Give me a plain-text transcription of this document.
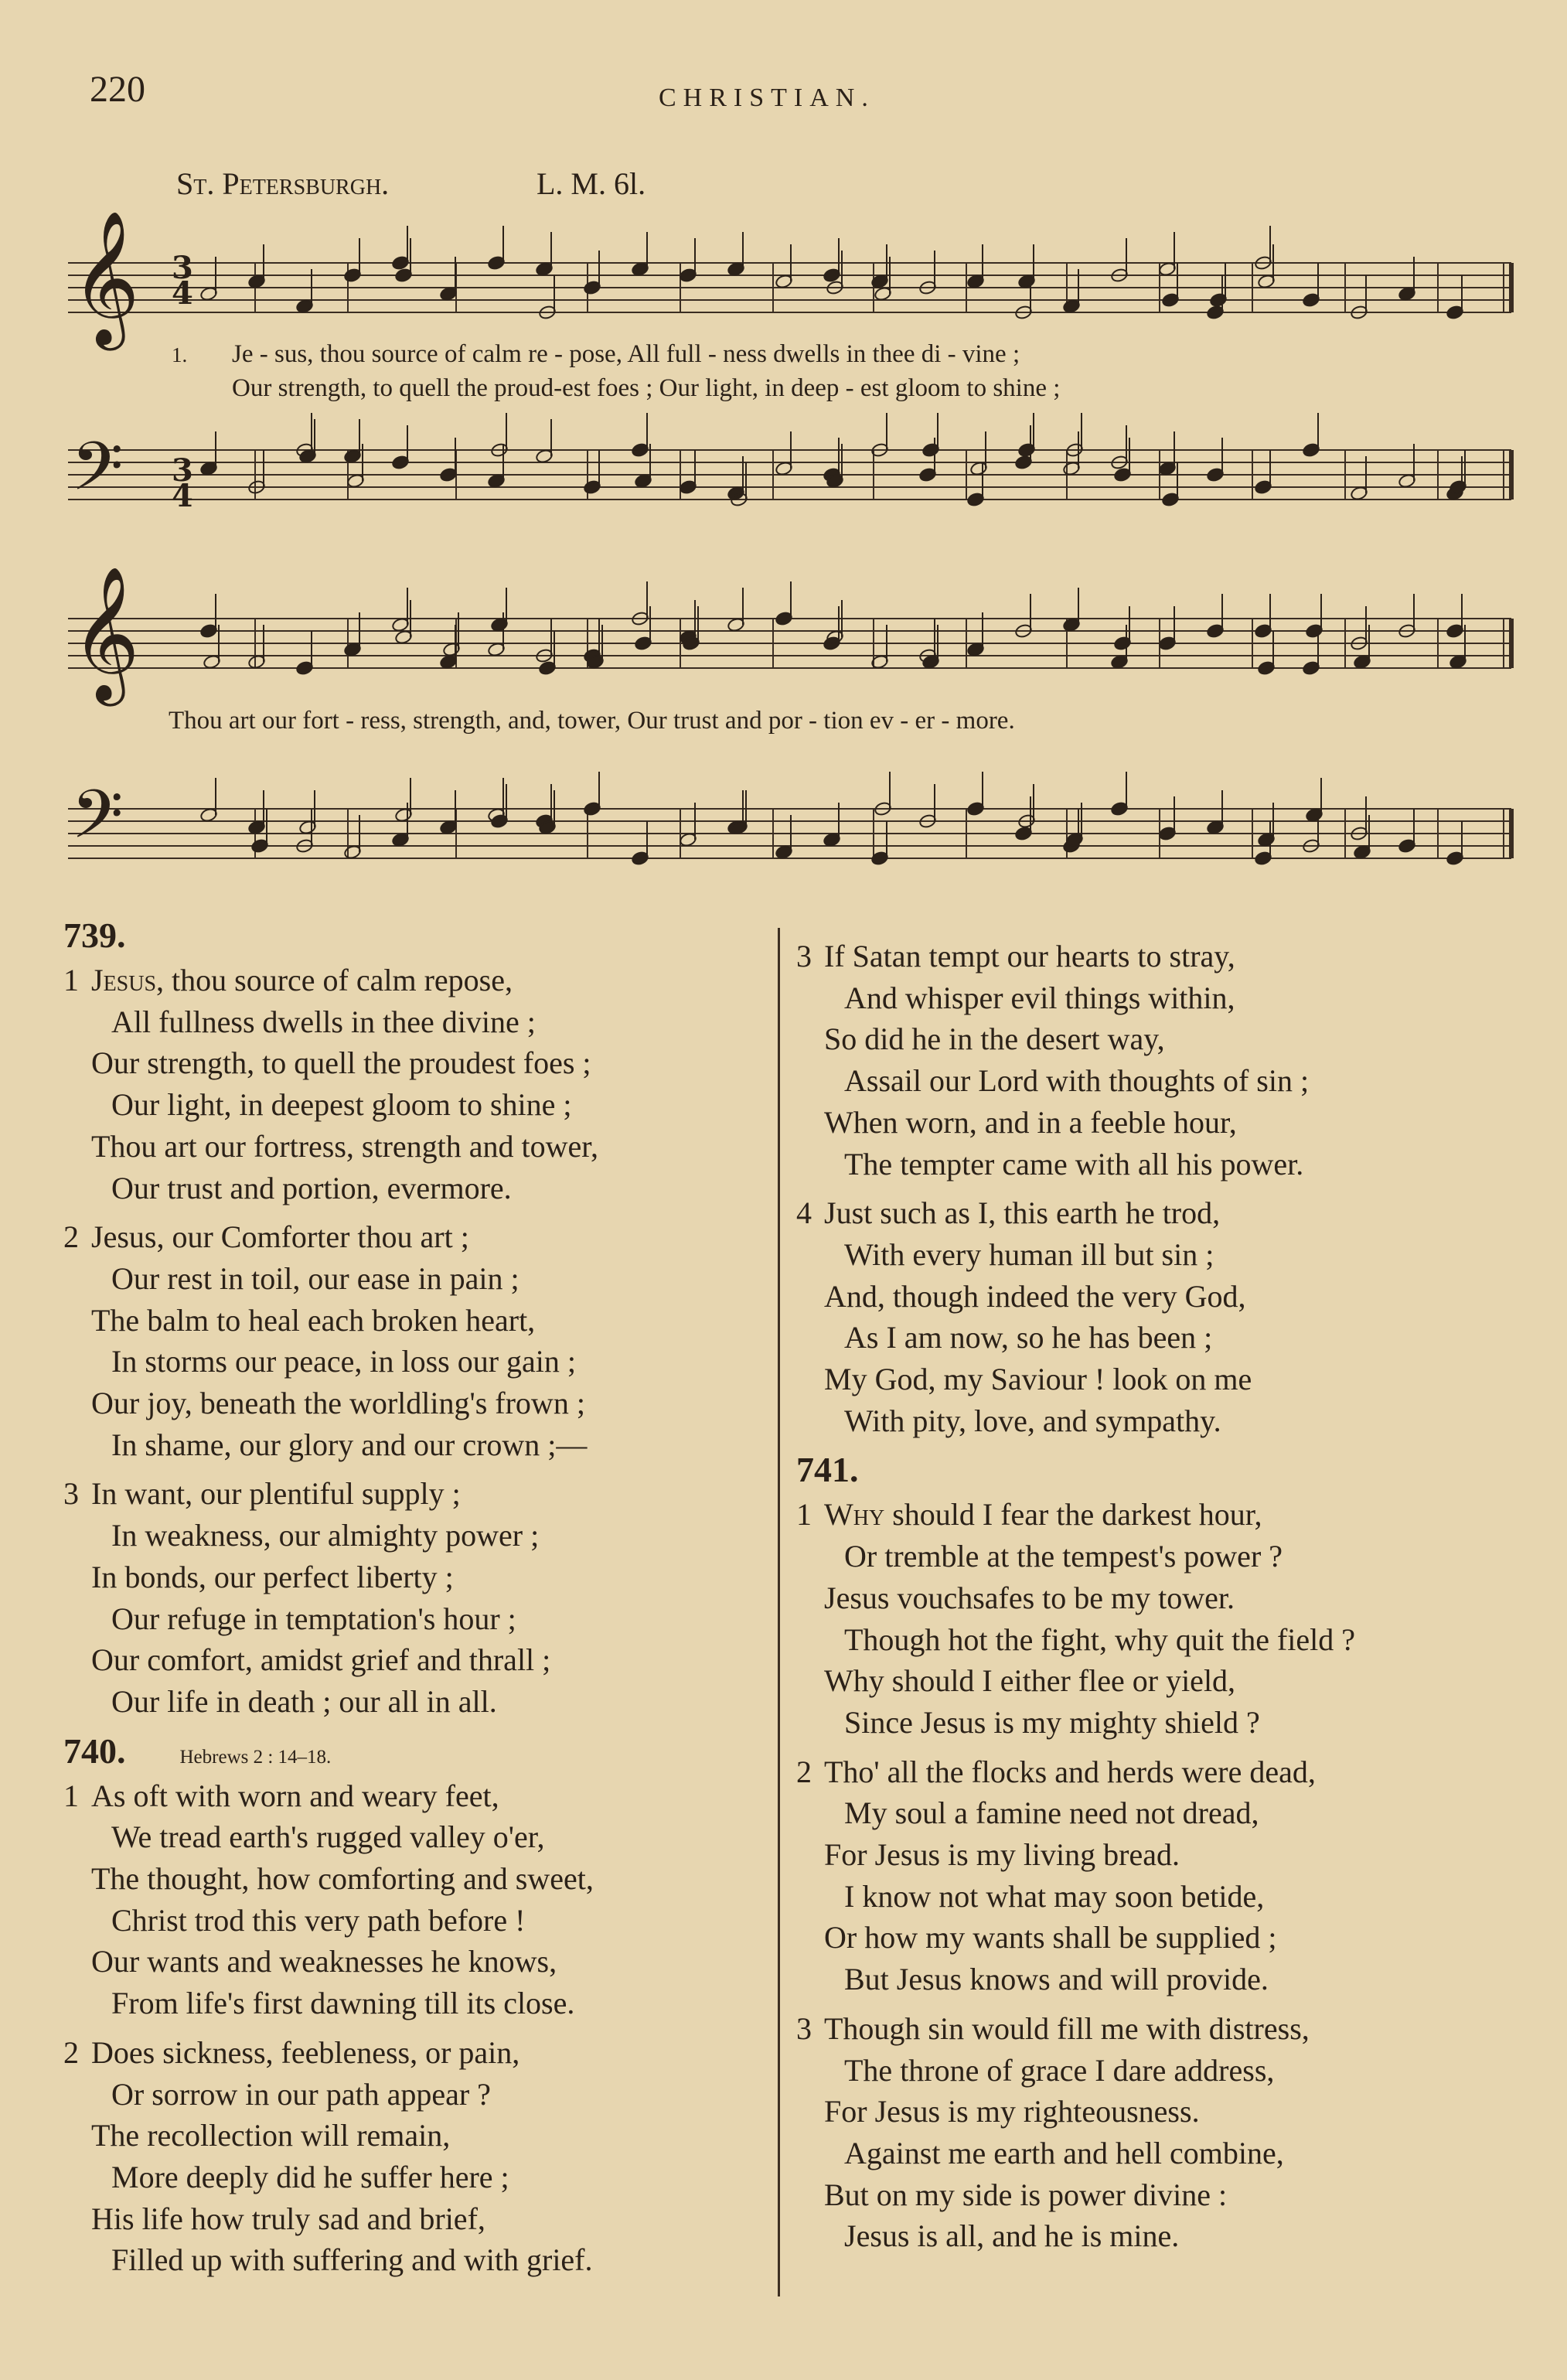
220	CHRISTIAN.
St. Petersburgh.	L. M. 6l.
𝄞
𝄢
𝄞
𝄢
3
4
3
4
1. Je - sus, thou source of calm re - pose, All full - ness dwells in thee di - vine ;
Our strength, to quell the proud-est foes ; Our light, in deep - est gloom to shine ;
Thou art our fort - ress, strength, and, tower, Our trust and por - tion ev - er - more.
739.
1 Jesus, thou source of calm repose,
All fullness dwells in thee divine ;
Our strength, to quell the proudest foes ;
Our light, in deepest gloom to shine ;
Thou art our fortress, strength and tower,
Our trust and portion, evermore.
2 Jesus, our Comforter thou art ;
Our rest in toil, our ease in pain ;
The balm to heal each broken heart,
In storms our peace, in loss our gain ;
Our joy, beneath the worldling's frown ;
In shame, our glory and our crown ;—
3 In want, our plentiful supply ;
In weakness, our almighty power ;
In bonds, our perfect liberty ;
Our refuge in temptation's hour ;
Our comfort, amidst grief and thrall ;
Our life in death ; our all in all.
740.	Hebrews 2 : 14–18.
1 As oft with worn and weary feet,
We tread earth's rugged valley o'er,
The thought, how comforting and sweet,
Christ trod this very path before !
Our wants and weaknesses he knows,
From life's first dawning till its close.
2 Does sickness, feebleness, or pain,
Or sorrow in our path appear ?
The recollection will remain,
More deeply did he suffer here ;
His life how truly sad and brief,
Filled up with suffering and with grief.
3 If Satan tempt our hearts to stray,
And whisper evil things within,
So did he in the desert way,
Assail our Lord with thoughts of sin ;
When worn, and in a feeble hour,
The tempter came with all his power.
4 Just such as I, this earth he trod,
With every human ill but sin ;
And, though indeed the very God,
As I am now, so he has been ;
My God, my Saviour ! look on me
With pity, love, and sympathy.
741.
1 Why should I fear the darkest hour,
Or tremble at the tempest's power ?
Jesus vouchsafes to be my tower.
Though hot the fight, why quit the field ?
Why should I either flee or yield,
Since Jesus is my mighty shield ?
2 Tho' all the flocks and herds were dead,
My soul a famine need not dread,
For Jesus is my living bread.
I know not what may soon betide,
Or how my wants shall be supplied ;
But Jesus knows and will provide.
3 Though sin would fill me with distress,
The throne of grace I dare address,
For Jesus is my righteousness.
Against me earth and hell combine,
But on my side is power divine :
Jesus is all, and he is mine.
